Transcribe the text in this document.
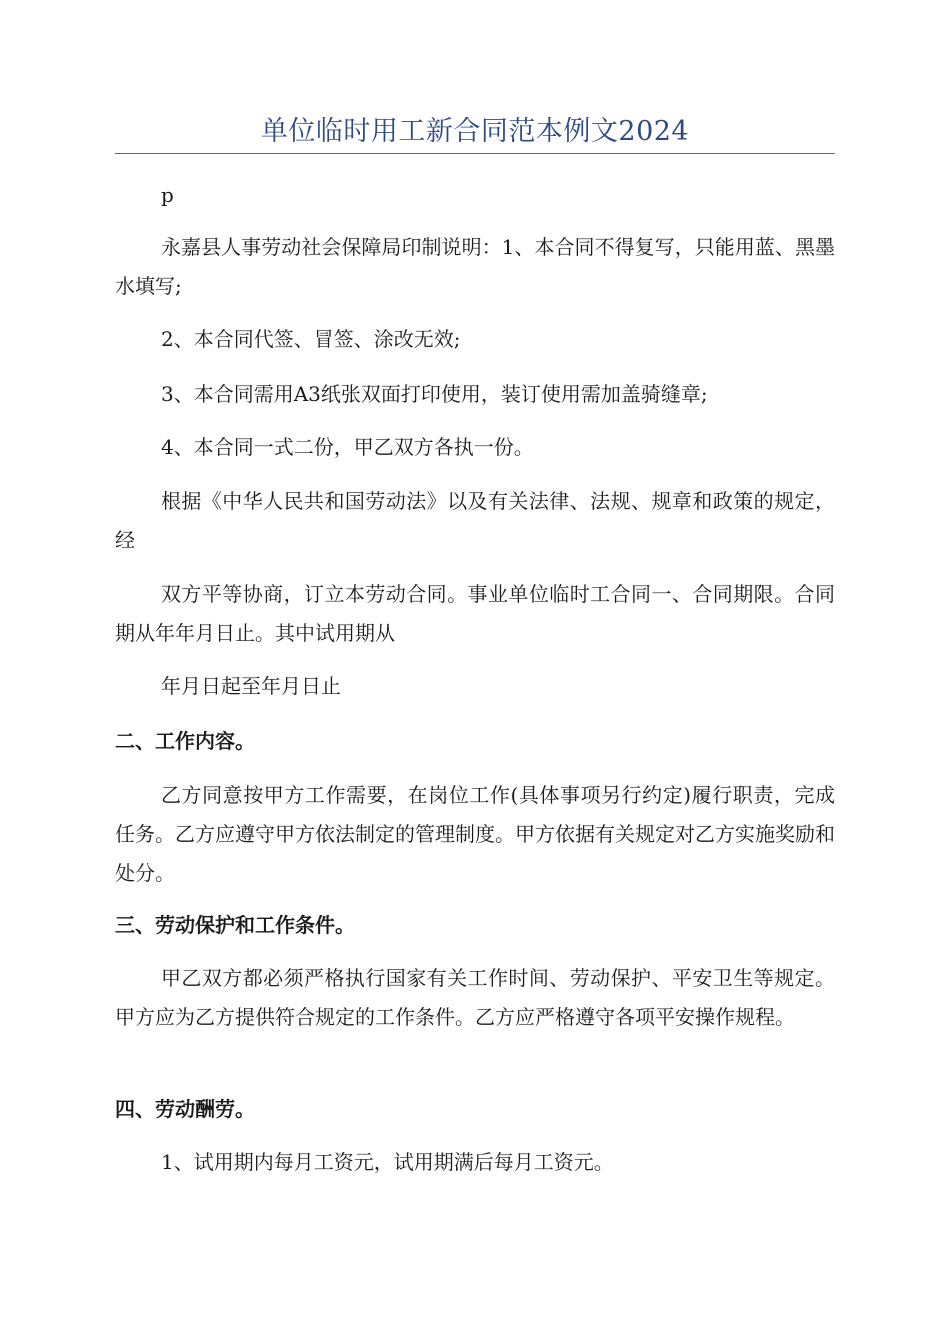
单位临时用工新合同范本例文2024

p

永嘉县人事劳动社会保障局印制说明：1、本合同不得复写，只能用蓝、黑墨水填写;

2、本合同代签、冒签、涂改无效;

3、本合同需用A3纸张双面打印使用，装订使用需加盖骑缝章;

4、本合同一式二份，甲乙双方各执一份。

根据《中华人民共和国劳动法》以及有关法律、法规、规章和政策的规定，经

双方平等协商，订立本劳动合同。事业单位临时工合同一、合同期限。合同期从年年月日止。其中试用期从

年月日起至年月日止

二、工作内容。

乙方同意按甲方工作需要，在岗位工作(具体事项另行约定)履行职责，完成任务。乙方应遵守甲方依法制定的管理制度。甲方依据有关规定对乙方实施奖励和处分。

三、劳动保护和工作条件。

甲乙双方都必须严格执行国家有关工作时间、劳动保护、平安卫生等规定。甲方应为乙方提供符合规定的工作条件。乙方应严格遵守各项平安操作规程。

四、劳动酬劳。

1、试用期内每月工资元，试用期满后每月工资元。
